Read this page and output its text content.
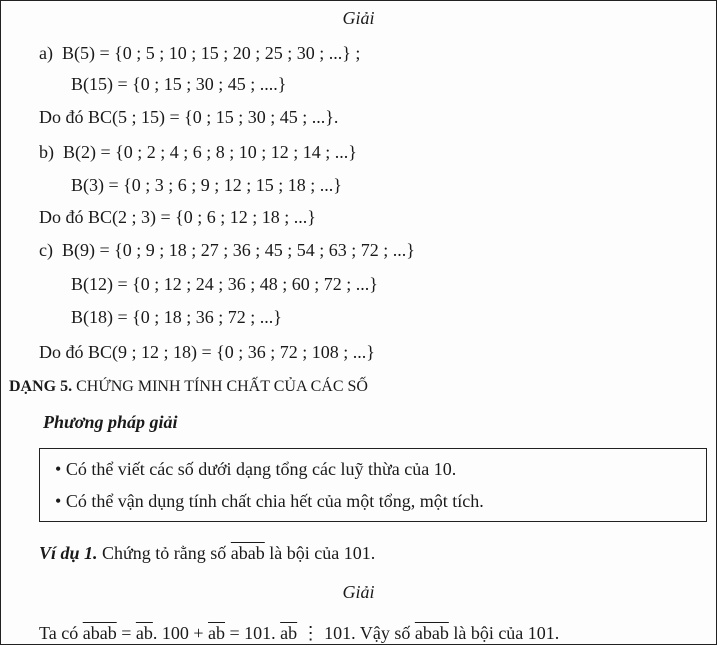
Giải
a) B(5) = {0 ; 5 ; 10 ; 15 ; 20 ; 25 ; 30 ; ...} ;
B(15) = {0 ; 15 ; 30 ; 45 ; ....}
Do đó BC(5 ; 15) = {0 ; 15 ; 30 ; 45 ; ...}.
b) B(2) = {0 ; 2 ; 4 ; 6 ; 8 ; 10 ; 12 ; 14 ; ...}
B(3) = {0 ; 3 ; 6 ; 9 ; 12 ; 15 ; 18 ; ...}
Do đó BC(2 ; 3) = {0 ; 6 ; 12 ; 18 ; ...}
c) B(9) = {0 ; 9 ; 18 ; 27 ; 36 ; 45 ; 54 ; 63 ; 72 ; ...}
B(12) = {0 ; 12 ; 24 ; 36 ; 48 ; 60 ; 72 ; ...}
B(18) = {0 ; 18 ; 36 ; 72 ; ...}
Do đó BC(9 ; 12 ; 18) = {0 ; 36 ; 72 ; 108 ; ...}
DẠNG 5. CHỨNG MINH TÍNH CHẤT CỦA CÁC SỐ
Phương pháp giải
• Có thể viết các số dưới dạng tổng các luỹ thừa của 10.
• Có thể vận dụng tính chất chia hết của một tổng, một tích.
Ví dụ 1. Chứng tỏ rằng số abab là bội của 101.
Giải
Ta có abab = $\overline{ab}$. $100 + \overline{ab} = 101$. $\overline{ab}$ ⋮ 101. Vậy số abab là bội của 101.
